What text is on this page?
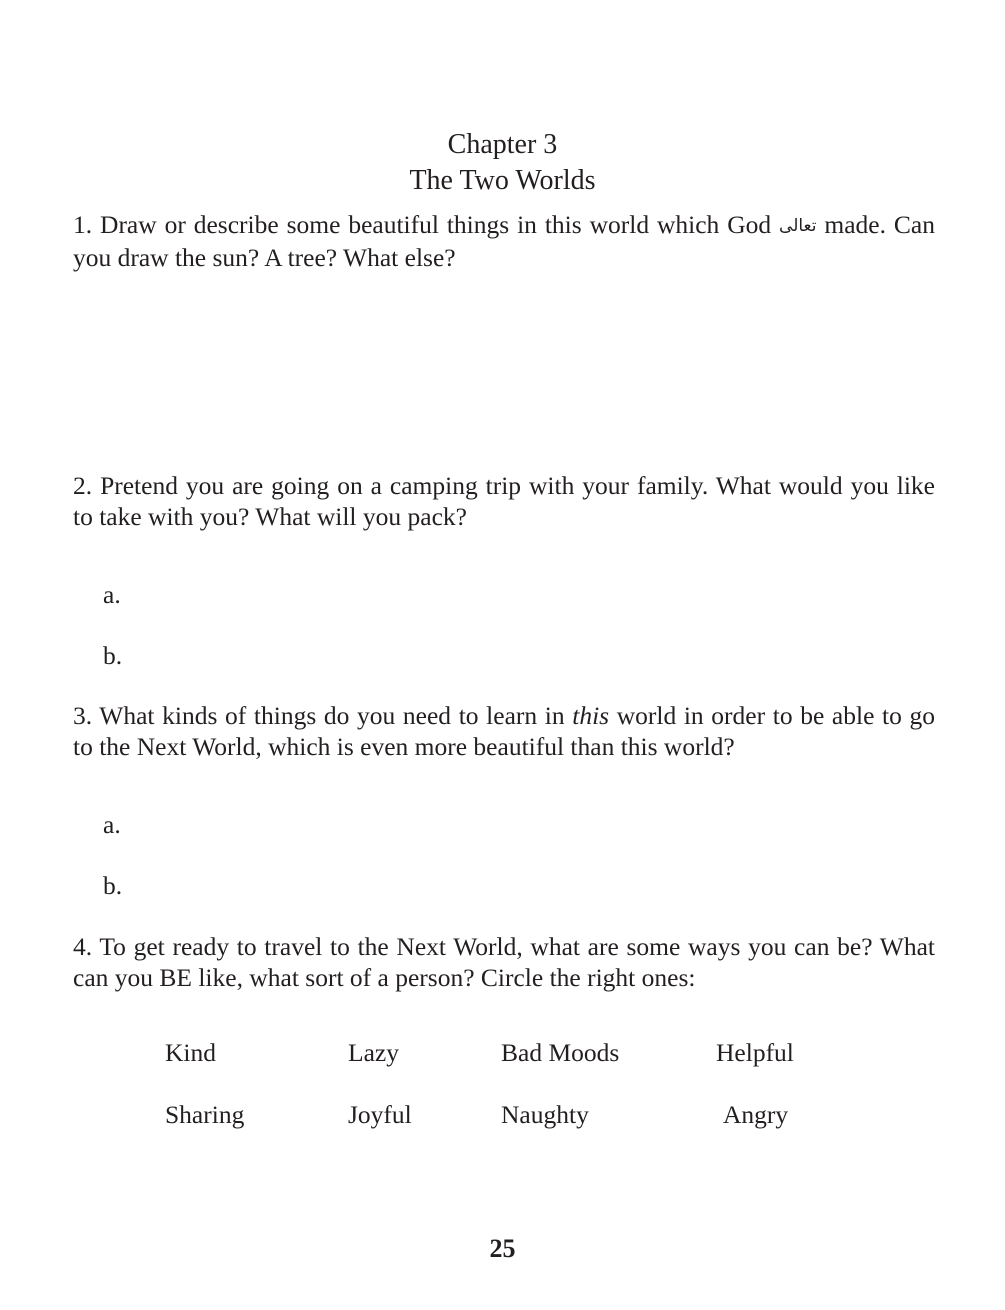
Chapter 3
The Two Worlds
1. Draw or describe some beautiful things in this world which God تعالى made. Can you draw the sun? A tree? What else?
2. Pretend you are going on a camping trip with your family. What would you like to take with you? What will you pack?
a.
b.
3. What kinds of things do you need to learn in this world in order to be able to go to the Next World, which is even more beautiful than this world?
a.
b.
4. To get ready to travel to the Next World, what are some ways you can be? What can you BE like, what sort of a person? Circle the right ones:
Kind	Lazy	Bad Moods	Helpful
Sharing	Joyful	Naughty	Angry
25
